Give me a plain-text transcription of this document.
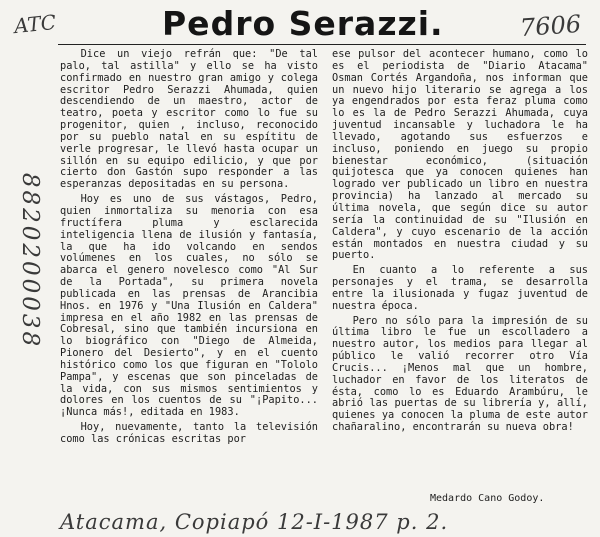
ATC	Pedro Serazzi.	7606
8820200038

Dice un viejo refrán que: "De tal palo, tal astilla" y ello se ha visto confirmado en nuestro gran amigo y colega escritor Pedro Serazzi Ahumada, quien descendiendo de un maestro, actor de teatro, poeta y escritor como lo fue su progenitor, quien , incluso, reconocido por su pueblo natal en su espítitu de verle progresar, le llevó hasta ocupar un sillón en su equipo edilicio, y que por cierto don Gastón supo responder a las esperanzas depositadas en su persona.

Hoy es uno de sus vástagos, Pedro, quien inmortaliza su menoria con esa fructífera pluma y esclarecida inteligencia llena de ilusión y fantasía, la que ha ido volcando en sendos volúmenes en los cuales, no sólo se abarca el genero novelesco como "Al Sur de la Portada", su primera novela publicada en las prensas de Arancibia Hnos. en 1976 y "Una Ilusión en Caldera" impresa en el año 1982 en las prensas de Cobresal, sino que también incursiona en lo biográfico con "Diego de Almeida, Pionero del Desierto", y en el cuento histórico como los que figuran en "Tololo Pampa", y escenas que son pinceladas de la vida, con sus mismos sentimientos y dolores en los cuentos de su "¡Papito... ¡Nunca más!, editada en 1983.

Hoy, nuevamente, tanto la televisión como las crónicas escritas por

ese pulsor del acontecer humano, como lo es el periodista de "Diario Atacama" Osman Cortés Argandoña, nos informan que un nuevo hijo literario se agrega a los ya engendrados por esta feraz pluma como lo es la de Pedro Serazzi Ahumada, cuya juventud incansable y luchadora le ha llevado, agotando sus esfuerzos e incluso, poniendo en juego su propio bienestar económico, (situación quijotesca que ya conocen quienes han logrado ver publicado un libro en nuestra provincia) ha lanzado al mercado su última novela, que según dice su autor sería la continuidad de su "Ilusión en Caldera", y cuyo escenario de la acción están montados en nuestra ciudad y su puerto.

En cuanto a lo referente a sus personajes y el trama, se desarrolla entre la ilusionada y fugaz juventud de nuestra época.

Pero no sólo para la impresión de su última libro le fue un escolladero a nuestro autor, los medios para llegar al público le valió recorrer otro Vía Crucis... ¡Menos mal que un hombre, luchador en favor de los literatos de ésta, como lo es Eduardo Arambúru, le abrió las puertas de su librería y, allí, quienes ya conocen la pluma de este autor chañaralino, encontrarán su nueva obra!

Medardo Cano Godoy.
Atacama, Copiapó 12-I-1987 p. 2.
